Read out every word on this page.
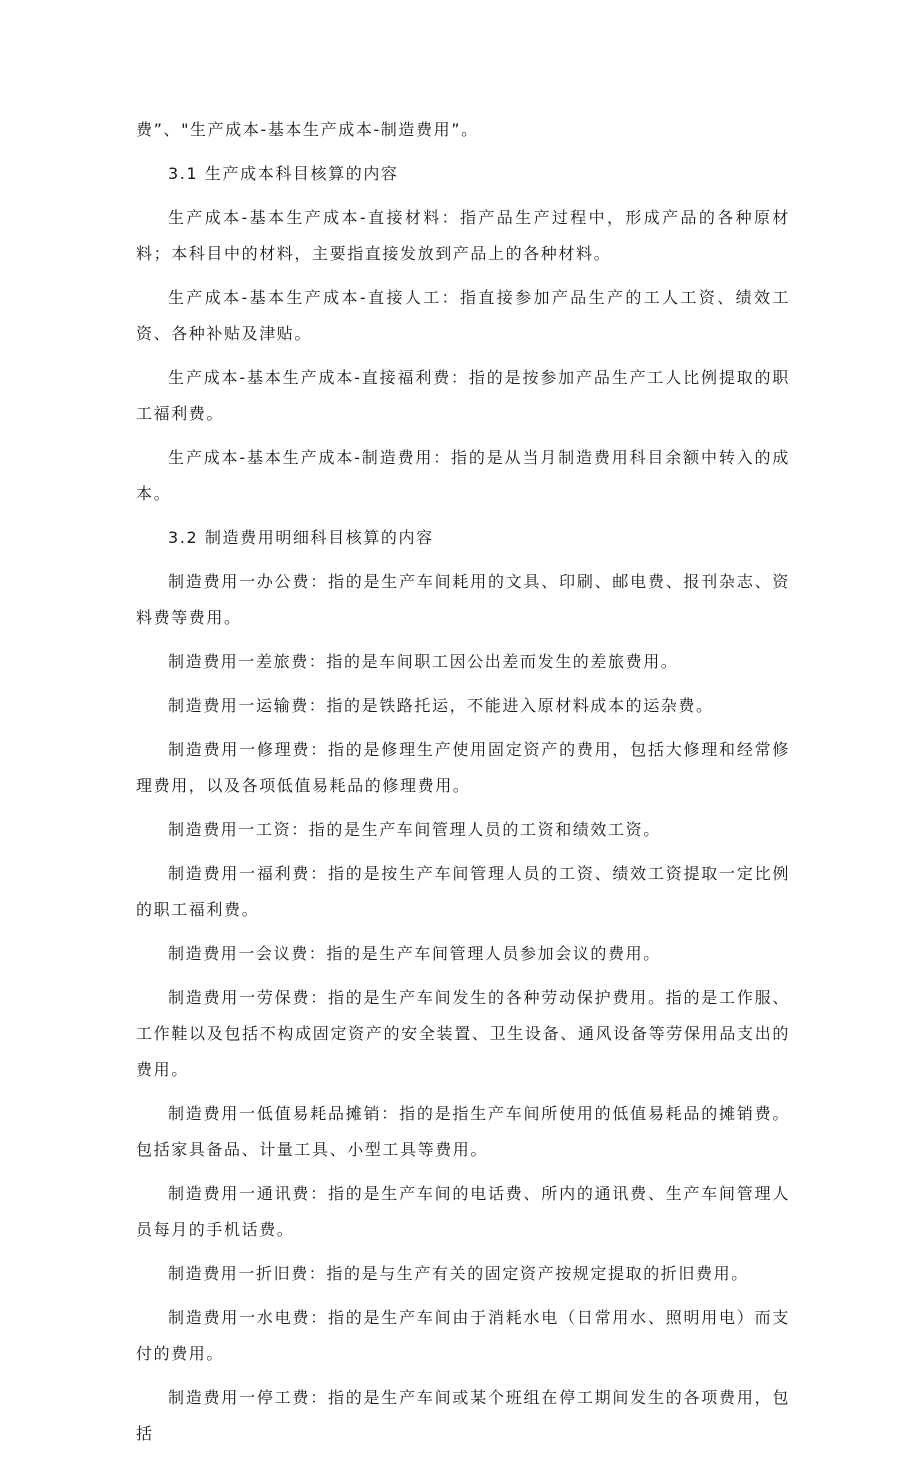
费”、"生产成本-基本生产成本-制造费用”。

3.1 生产成本科目核算的内容

生产成本-基本生产成本-直接材料：指产品生产过程中，形成产品的各种原材料；本科目中的材料，主要指直接发放到产品上的各种材料。

生产成本-基本生产成本-直接人工：指直接参加产品生产的工人工资、绩效工资、各种补贴及津贴。

生产成本-基本生产成本-直接福利费：指的是按参加产品生产工人比例提取的职工福利费。

生产成本-基本生产成本-制造费用：指的是从当月制造费用科目余额中转入的成本。

3.2 制造费用明细科目核算的内容

制造费用一办公费：指的是生产车间耗用的文具、印刷、邮电费、报刊杂志、资料费等费用。

制造费用一差旅费：指的是车间职工因公出差而发生的差旅费用。

制造费用一运输费：指的是铁路托运，不能进入原材料成本的运杂费。

制造费用一修理费：指的是修理生产使用固定资产的费用，包括大修理和经常修理费用，以及各项低值易耗品的修理费用。

制造费用一工资：指的是生产车间管理人员的工资和绩效工资。

制造费用一福利费：指的是按生产车间管理人员的工资、绩效工资提取一定比例的职工福利费。

制造费用一会议费：指的是生产车间管理人员参加会议的费用。

制造费用一劳保费：指的是生产车间发生的各种劳动保护费用。指的是工作服、工作鞋以及包括不构成固定资产的安全装置、卫生设备、通风设备等劳保用品支出的费用。

制造费用一低值易耗品摊销：指的是指生产车间所使用的低值易耗品的摊销费。包括家具备品、计量工具、小型工具等费用。

制造费用一通讯费：指的是生产车间的电话费、所内的通讯费、生产车间管理人员每月的手机话费。

制造费用一折旧费：指的是与生产有关的固定资产按规定提取的折旧费用。

制造费用一水电费：指的是生产车间由于消耗水电（日常用水、照明用电）而支付的费用。

制造费用一停工费：指的是生产车间或某个班组在停工期间发生的各项费用，包括
